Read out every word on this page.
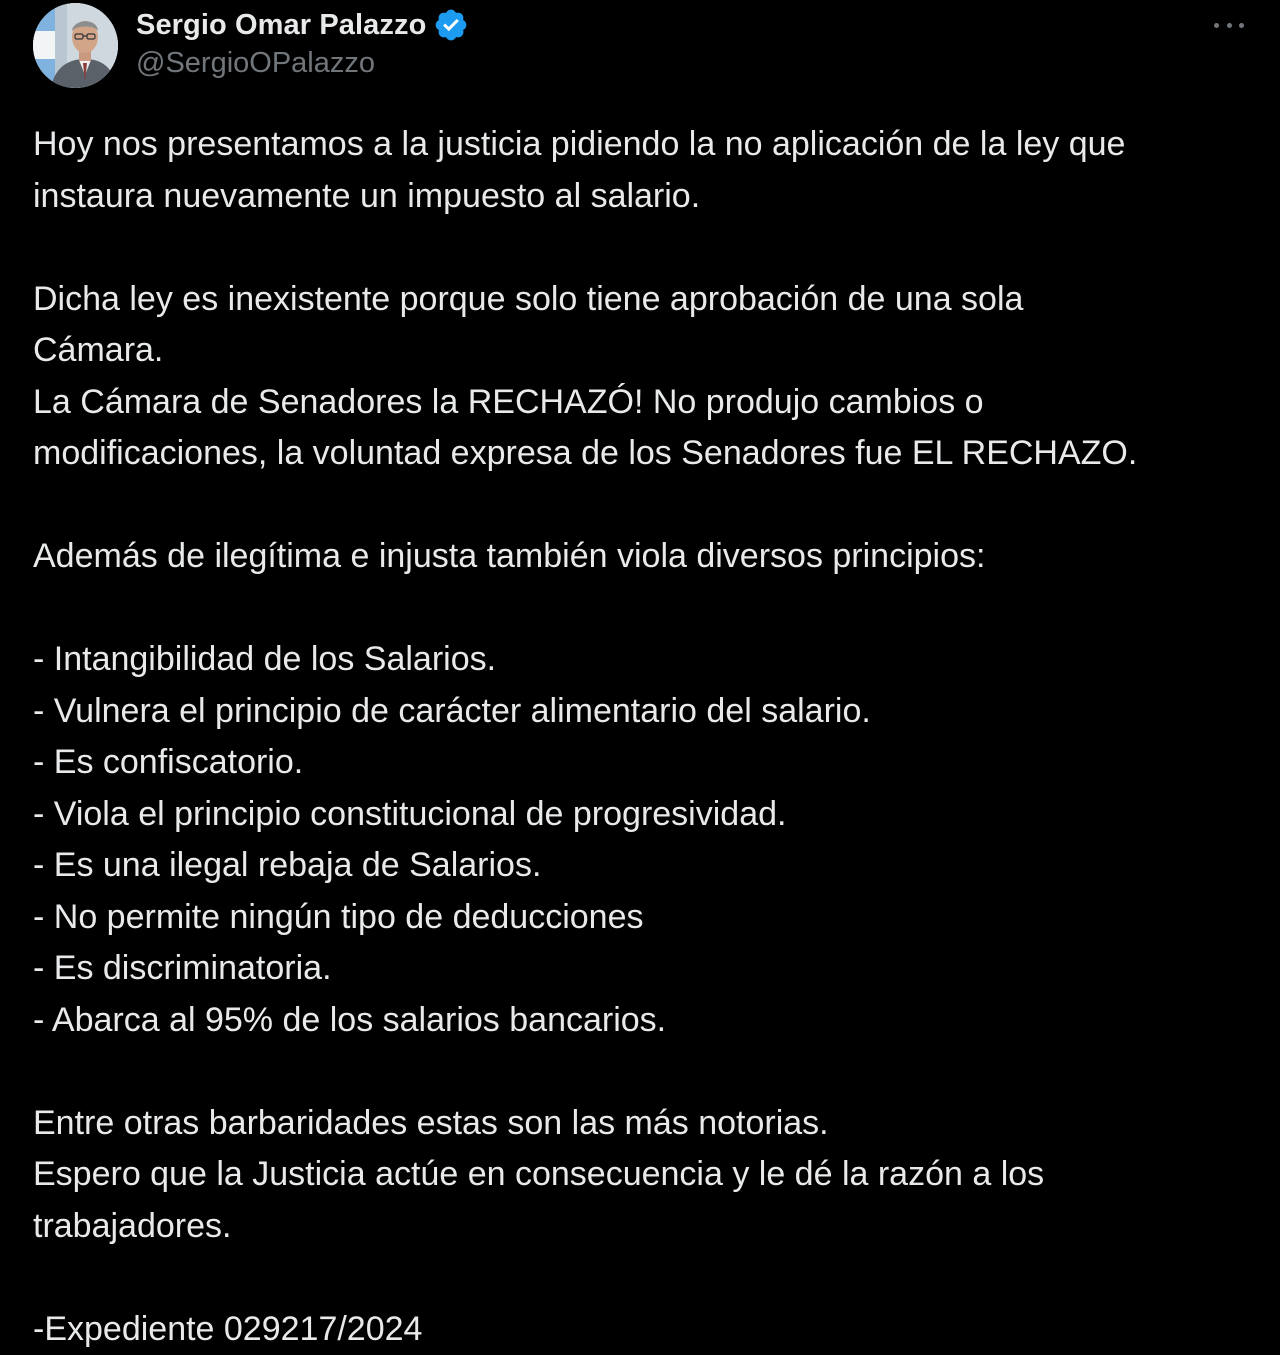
Sergio Omar Palazzo
@SergioOPalazzo
Hoy nos presentamos a la justicia pidiendo la no aplicación de la ley que
instaura nuevamente un impuesto al salario.
Dicha ley es inexistente porque solo tiene aprobación de una sola
Cámara.
La Cámara de Senadores la RECHAZÓ! No produjo cambios o
modificaciones, la voluntad expresa de los Senadores fue EL RECHAZO.
Además de ilegítima e injusta también viola diversos principios:
- Intangibilidad de los Salarios.
- Vulnera el principio de carácter alimentario del salario.
- Es confiscatorio.
- Viola el principio constitucional de progresividad.
- Es una ilegal rebaja de Salarios.
- No permite ningún tipo de deducciones
- Es discriminatoria.
- Abarca al 95% de los salarios bancarios.
Entre otras barbaridades estas son las más notorias.
Espero que la Justicia actúe en consecuencia y le dé la razón a los
trabajadores.
-Expediente 029217/2024
